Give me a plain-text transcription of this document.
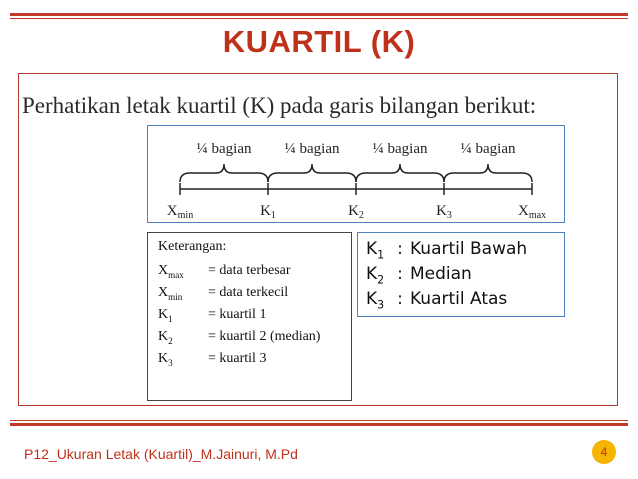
KUARTIL (K)
Perhatikan letak kuartil (K) pada garis bilangan berikut:
¼ bagian ¼ bagian ¼ bagian ¼ bagian
$X_{min}$	$K_1$	$K_2$	$K_3$	$X_{max}$
Keterangan:
$X_{max}$ = data terbesar
$X_{min}$ = data terkecil
$K_1$	= kuartil 1
$K_2$	= kuartil 2 (median)
$K_3$	= kuartil 3
$K_1$ : Kuartil Bawah
$K_2$ : Median
$K_3$ : Kuartil Atas
P12_Ukuran Letak (Kuartil)_M.Jainuri, M.Pd	4
